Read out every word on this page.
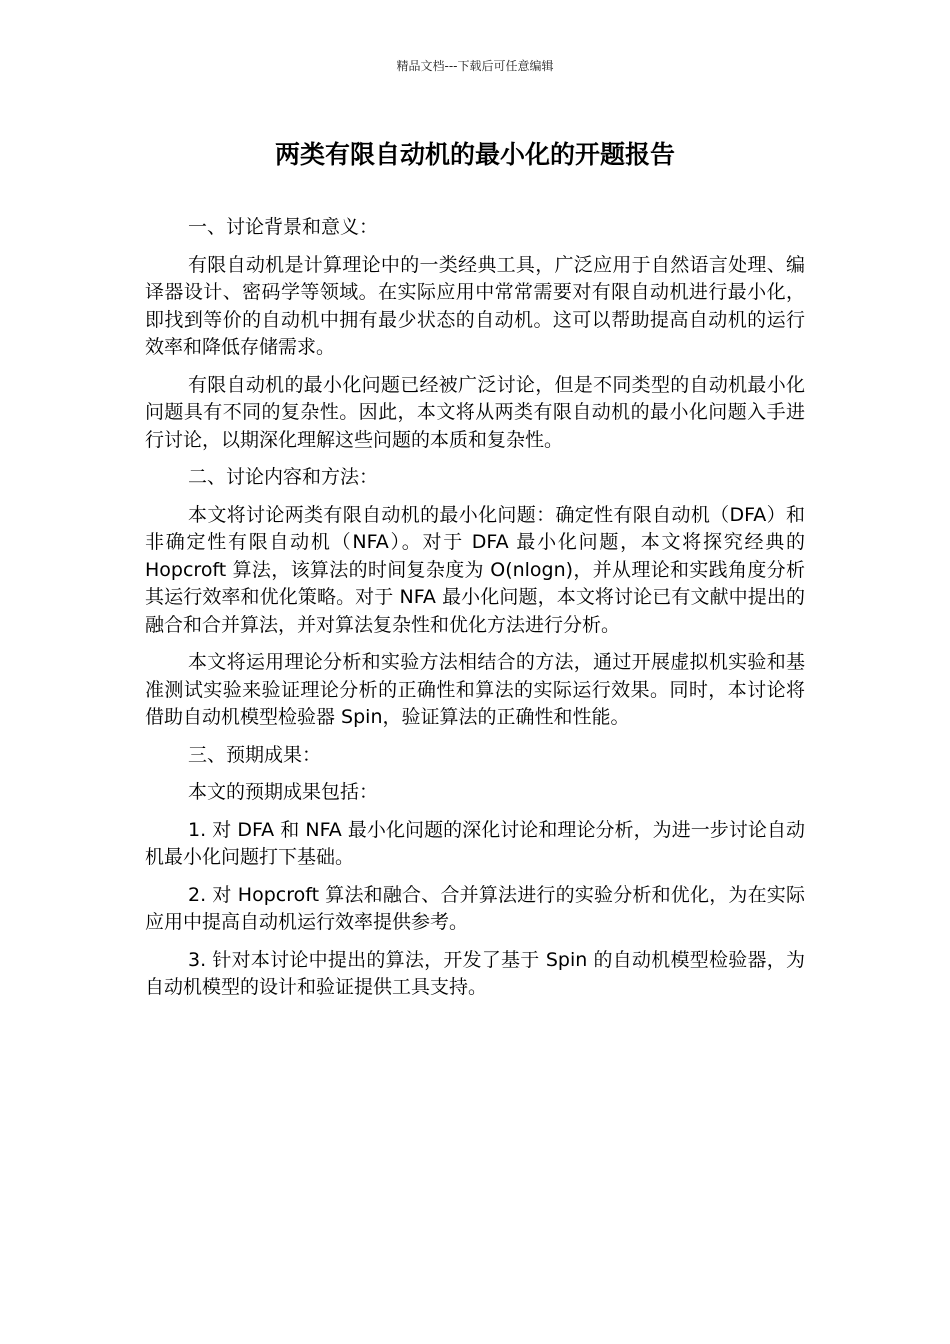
精品文档---下载后可任意编辑
两类有限自动机的最小化的开题报告

一、讨论背景和意义：

有限自动机是计算理论中的一类经典工具，广泛应用于自然语言处理、编译器设计、密码学等领域。在实际应用中常常需要对有限自动机进行最小化，即找到等价的自动机中拥有最少状态的自动机。这可以帮助提高自动机的运行效率和降低存储需求。

有限自动机的最小化问题已经被广泛讨论，但是不同类型的自动机最小化问题具有不同的复杂性。因此，本文将从两类有限自动机的最小化问题入手进行讨论，以期深化理解这些问题的本质和复杂性。

二、讨论内容和方法：

本文将讨论两类有限自动机的最小化问题：确定性有限自动机（DFA）和非确定性有限自动机（NFA）。对于 DFA 最小化问题，本文将探究经典的 Hopcroft 算法，该算法的时间复杂度为 O(nlogn)，并从理论和实践角度分析其运行效率和优化策略。对于 NFA 最小化问题，本文将讨论已有文献中提出的融合和合并算法，并对算法复杂性和优化方法进行分析。

本文将运用理论分析和实验方法相结合的方法，通过开展虚拟机实验和基准测试实验来验证理论分析的正确性和算法的实际运行效果。同时，本讨论将借助自动机模型检验器 Spin，验证算法的正确性和性能。

三、预期成果：

本文的预期成果包括：

1. 对 DFA 和 NFA 最小化问题的深化讨论和理论分析，为进一步讨论自动机最小化问题打下基础。

2. 对 Hopcroft 算法和融合、合并算法进行的实验分析和优化，为在实际应用中提高自动机运行效率提供参考。

3. 针对本讨论中提出的算法，开发了基于 Spin 的自动机模型检验器，为自动机模型的设计和验证提供工具支持。
